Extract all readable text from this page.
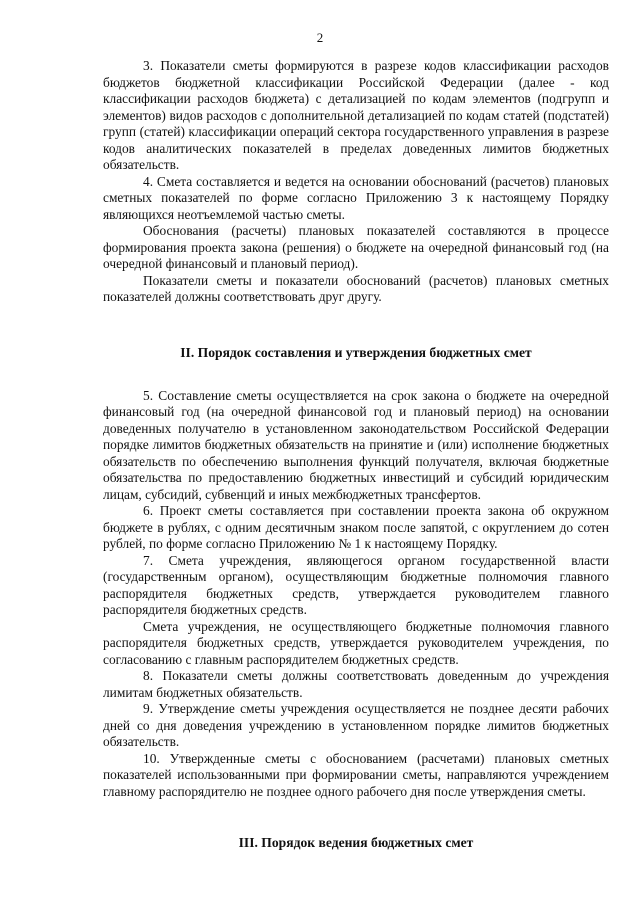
2

3. Показатели сметы формируются в разрезе кодов классификации расходов бюджетов бюджетной классификации Российской Федерации (далее - код классификации расходов бюджета) с детализацией по кодам элементов (подгрупп и элементов) видов расходов с дополнительной детализацией по кодам статей (подстатей) групп (статей) классификации операций сектора государственного управления в разрезе кодов аналитических показателей в пределах доведенных лимитов бюджетных обязательств.

4. Смета составляется и ведется на основании обоснований (расчетов) плановых сметных показателей по форме согласно Приложению 3 к настоящему Порядку являющихся неотъемлемой частью сметы.

Обоснования (расчеты) плановых показателей составляются в процессе формирования проекта закона (решения) о бюджете на очередной финансовый год (на очередной финансовый и плановый период).

Показатели сметы и показатели обоснований (расчетов) плановых сметных показателей должны соответствовать друг другу.

II. Порядок составления и утверждения бюджетных смет

5. Составление сметы осуществляется на срок закона о бюджете на очередной финансовый год (на очередной финансовой год и плановый период) на основании доведенных получателю в установленном законодательством Российской Федерации порядке лимитов бюджетных обязательств на принятие и (или) исполнение бюджетных обязательств по обеспечению выполнения функций получателя, включая бюджетные обязательства по предоставлению бюджетных инвестиций и субсидий юридическим лицам, субсидий, субвенций и иных межбюджетных трансфертов.

6. Проект сметы составляется при составлении проекта закона об окружном бюджете в рублях, с одним десятичным знаком после запятой, с округлением до сотен рублей, по форме согласно Приложению № 1 к настоящему Порядку.

7. Смета учреждения, являющегося органом государственной власти (государственным органом), осуществляющим бюджетные полномочия главного распорядителя бюджетных средств, утверждается руководителем главного распорядителя бюджетных средств.

Смета учреждения, не осуществляющего бюджетные полномочия главного распорядителя бюджетных средств, утверждается руководителем учреждения, по согласованию с главным распорядителем бюджетных средств.

8. Показатели сметы должны соответствовать доведенным до учреждения лимитам бюджетных обязательств.

9. Утверждение сметы учреждения осуществляется не позднее десяти рабочих дней со дня доведения учреждению в установленном порядке лимитов бюджетных обязательств.

10. Утвержденные сметы с обоснованием (расчетами) плановых сметных показателей использованными при формировании сметы, направляются учреждением главному распорядителю не позднее одного рабочего дня после утверждения сметы.

III. Порядок ведения бюджетных смет
